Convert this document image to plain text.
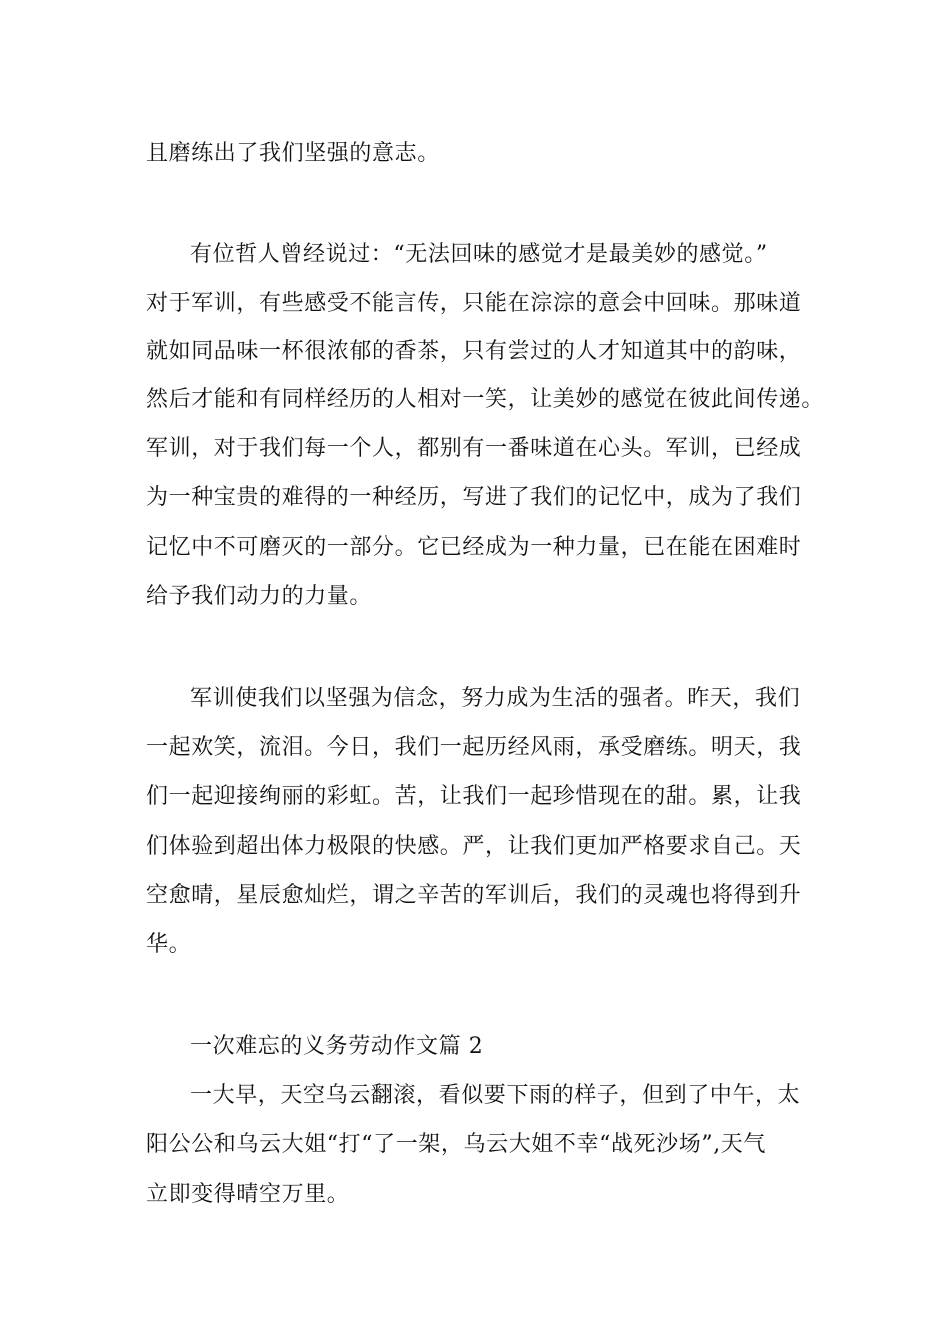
且磨练出了我们坚强的意志。
有位哲人曾经说过：“无法回味的感觉才是最美妙的感觉。”
对于军训，有些感受不能言传，只能在淙淙的意会中回味。那味道
就如同品味一杯很浓郁的香茶，只有尝过的人才知道其中的韵味，
然后才能和有同样经历的人相对一笑，让美妙的感觉在彼此间传递。
军训，对于我们每一个人，都别有一番味道在心头。军训，已经成
为一种宝贵的难得的一种经历，写进了我们的记忆中，成为了我们
记忆中不可磨灭的一部分。它已经成为一种力量，已在能在困难时
给予我们动力的力量。
军训使我们以坚强为信念，努力成为生活的强者。昨天，我们
一起欢笑，流泪。今日，我们一起历经风雨，承受磨练。明天，我
们一起迎接绚丽的彩虹。苦，让我们一起珍惜现在的甜。累，让我
们体验到超出体力极限的快感。严，让我们更加严格要求自己。天
空愈晴，星辰愈灿烂，谓之辛苦的军训后，我们的灵魂也将得到升
华。
一次难忘的义务劳动作文篇 2
一大早，天空乌云翻滚，看似要下雨的样子，但到了中午，太
阳公公和乌云大姐“打“了一架，乌云大姐不幸“战死沙场”,天气
立即变得晴空万里。
